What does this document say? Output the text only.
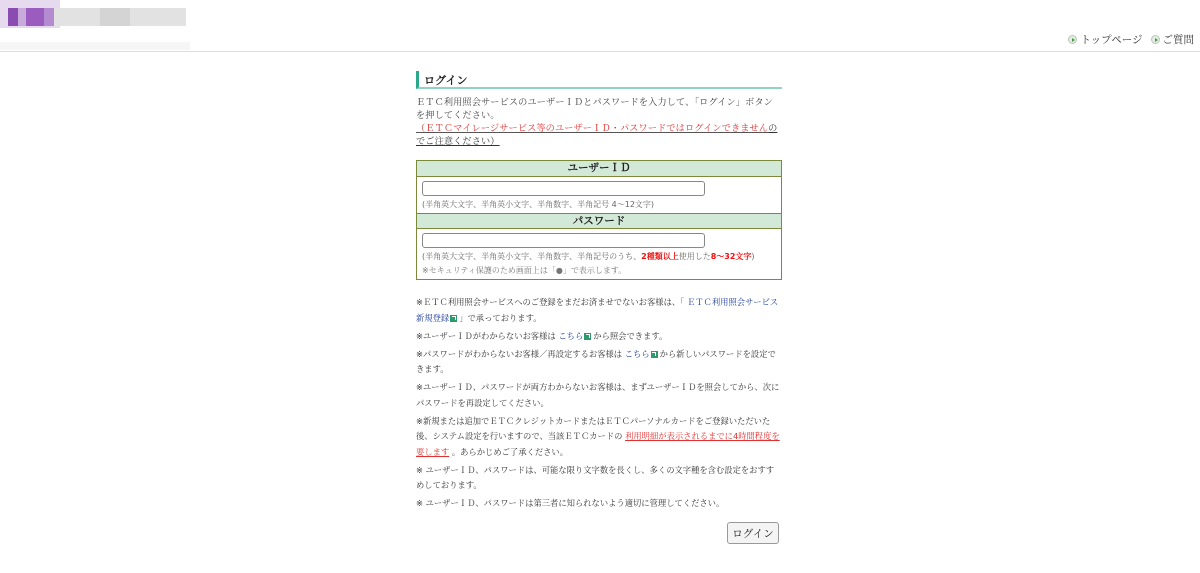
トップページ ご質問
ログイン
ＥＴＣ利用照会サービスのユーザーＩＤとパスワードを入力して、「ログイン」ボタンを押してください。
（ＥＴＣマイレージサービス等のユーザーＩＤ・パスワードではログインできませんのでご注意ください）
ユーザーＩＤ
(半角英大文字、半角英小文字、半角数字、半角記号 4～12文字)
パスワード
(半角英大文字、半角英小文字、半角数字、半角記号のうち、2種類以上使用した8～32文字)
※セキュリティ保護のため画面上は「●」で表示します。
※ＥＴＣ利用照会サービスへのご登録をまだお済ませでないお客様は、「 ＥＴＣ利用照会サービス新規登録 」で承っております。
※ユーザーＩＤがわからないお客様は こちら から照会できます。
※パスワードがわからないお客様／再設定するお客様は こちら から新しいパスワードを設定できます。
※ユーザーＩＤ、パスワードが両方わからないお客様は、まずユーザーＩＤを照会してから、次にパスワードを再設定してください。
※新規または追加でＥＴＣクレジットカードまたはＥＴＣパーソナルカードをご登録いただいた後、システム設定を行いますので、当該ＥＴＣカードの 利用明細が表示されるまでに4時間程度を要します 。あらかじめご了承ください。
※ ユーザーＩＤ、パスワードは、可能な限り文字数を長くし、多くの文字種を含む設定をおすすめしております。
※ ユーザーＩＤ、パスワードは第三者に知られないよう適切に管理してください。
ログイン
